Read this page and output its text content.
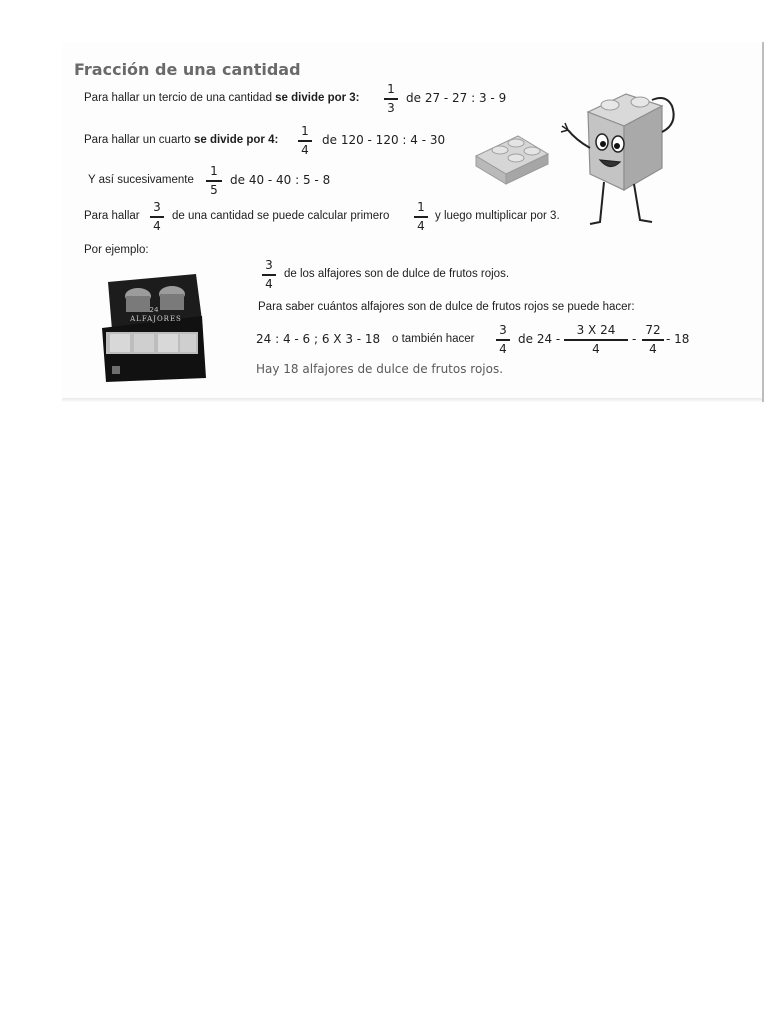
Fracción de una cantidad
Para hallar un tercio de una cantidad se divide por 3:
1
3
de 27 - 27 : 3 - 9
Para hallar un cuarto se divide por 4:
1
4
de 120 - 120 : 4 - 30
Y así sucesivamente
1
5
de 40 - 40 : 5 - 8
Para hallar
3
4
de una cantidad se puede calcular primero
1
4
y luego multiplicar por 3.
Por ejemplo:
3
4
de los alfajores son de dulce de frutos rojos.
Para saber cuántos alfajores son de dulce de frutos rojos se puede hacer:
24 : 4 - 6 ; 6 X 3 - 18 o también hacer
3
4
de 24 -
3 X 24
4
-
72
4
- 18
Hay 18 alfajores de dulce de frutos rojos.
24
ALFAJORES
